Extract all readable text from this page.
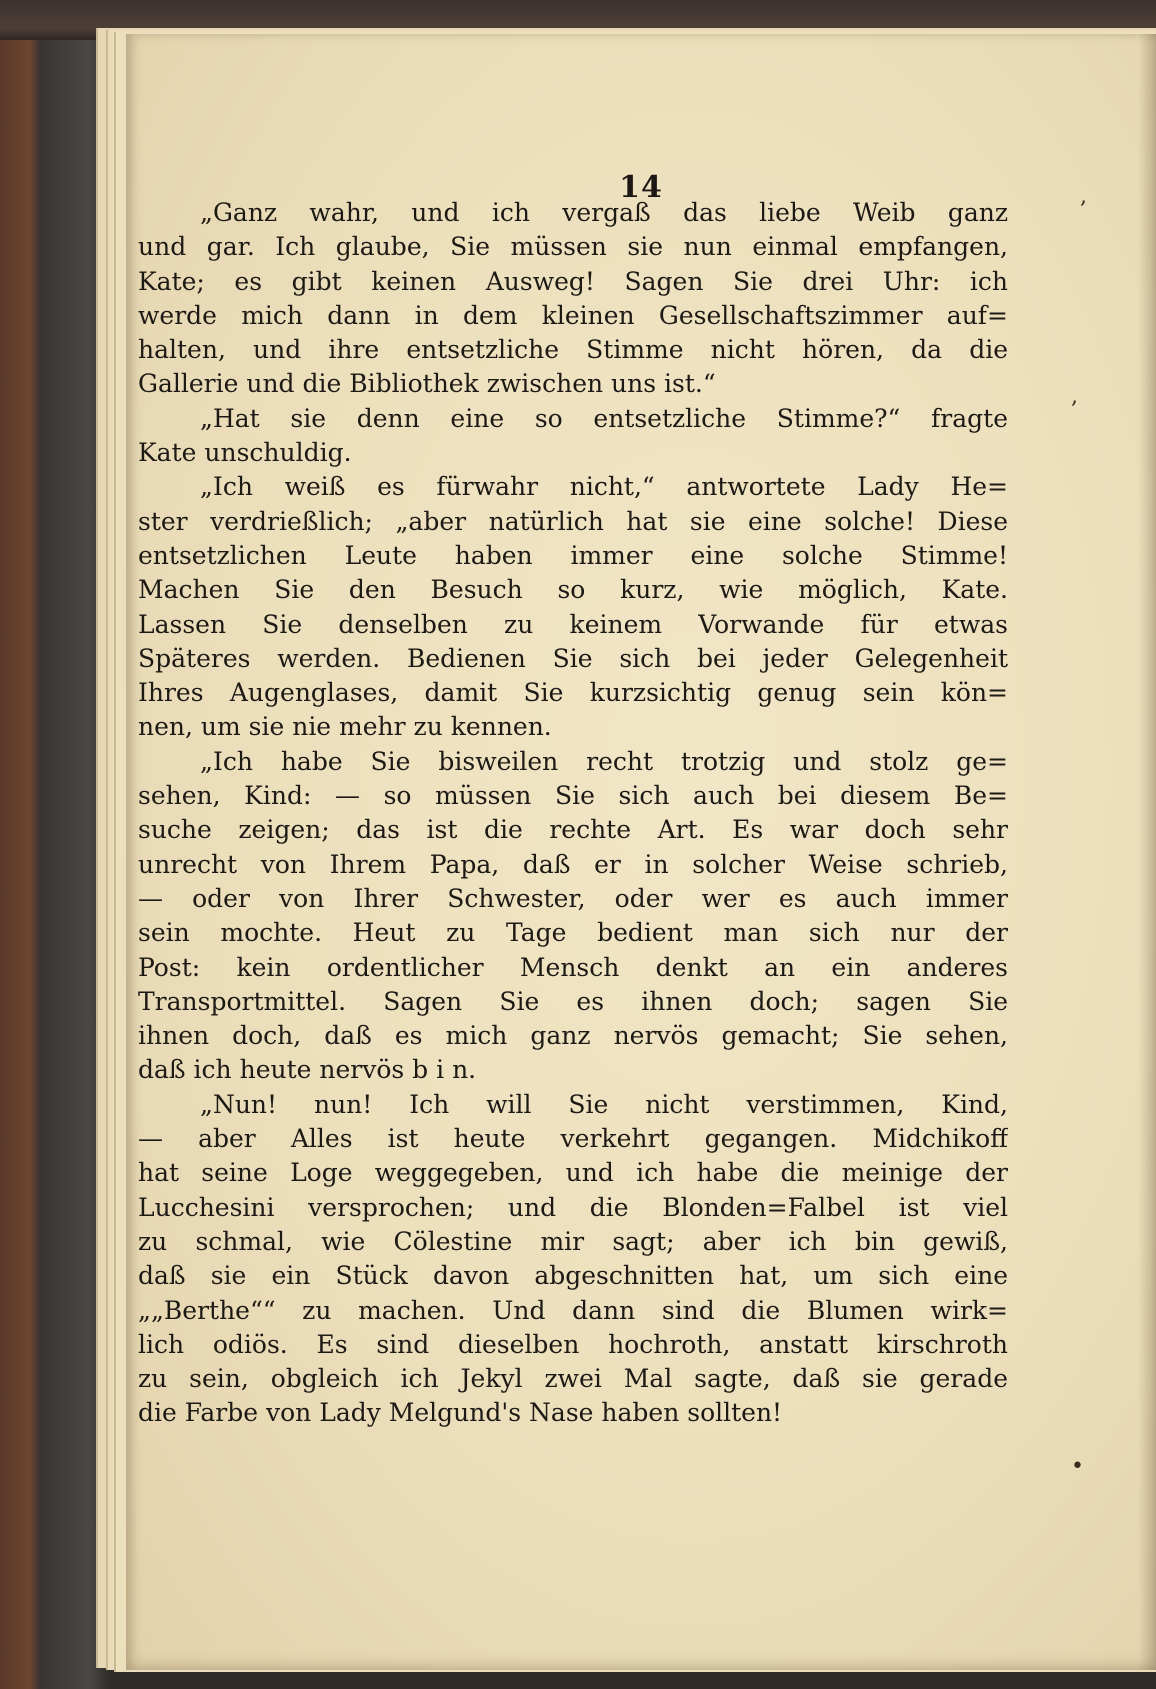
14	,
,
•
„Ganz wahr, und ich vergaß das liebe Weib ganz
und gar. Ich glaube, Sie müssen sie nun einmal empfangen,
Kate; es gibt keinen Ausweg! Sagen Sie drei Uhr: ich
werde mich dann in dem kleinen Gesellschaftszimmer auf=
halten, und ihre entsetzliche Stimme nicht hören, da die
Gallerie und die Bibliothek zwischen uns ist.“
„Hat sie denn eine so entsetzliche Stimme?“ fragte
Kate unschuldig.
„Ich weiß es fürwahr nicht,“ antwortete Lady He=
ster verdrießlich; „aber natürlich hat sie eine solche! Diese
entsetzlichen Leute haben immer eine solche Stimme!
Machen Sie den Besuch so kurz, wie möglich, Kate.
Lassen Sie denselben zu keinem Vorwande für etwas
Späteres werden. Bedienen Sie sich bei jeder Gelegenheit
Ihres Augenglases, damit Sie kurzsichtig genug sein kön=
nen, um sie nie mehr zu kennen.
„Ich habe Sie bisweilen recht trotzig und stolz ge=
sehen, Kind: — so müssen Sie sich auch bei diesem Be=
suche zeigen; das ist die rechte Art. Es war doch sehr
unrecht von Ihrem Papa, daß er in solcher Weise schrieb,
— oder von Ihrer Schwester, oder wer es auch immer
sein mochte. Heut zu Tage bedient man sich nur der
Post: kein ordentlicher Mensch denkt an ein anderes
Transportmittel. Sagen Sie es ihnen doch; sagen Sie
ihnen doch, daß es mich ganz nervös gemacht; Sie sehen,
daß ich heute nervös b i n.
„Nun! nun! Ich will Sie nicht verstimmen, Kind,
— aber Alles ist heute verkehrt gegangen. Midchikoff
hat seine Loge weggegeben, und ich habe die meinige der
Lucchesini versprochen; und die Blonden=Falbel ist viel
zu schmal, wie Cölestine mir sagt; aber ich bin gewiß,
daß sie ein Stück davon abgeschnitten hat, um sich eine
„„Berthe““ zu machen. Und dann sind die Blumen wirk=
lich odiös. Es sind dieselben hochroth, anstatt kirschroth
zu sein, obgleich ich Jekyl zwei Mal sagte, daß sie gerade
die Farbe von Lady Melgund's Nase haben sollten!
